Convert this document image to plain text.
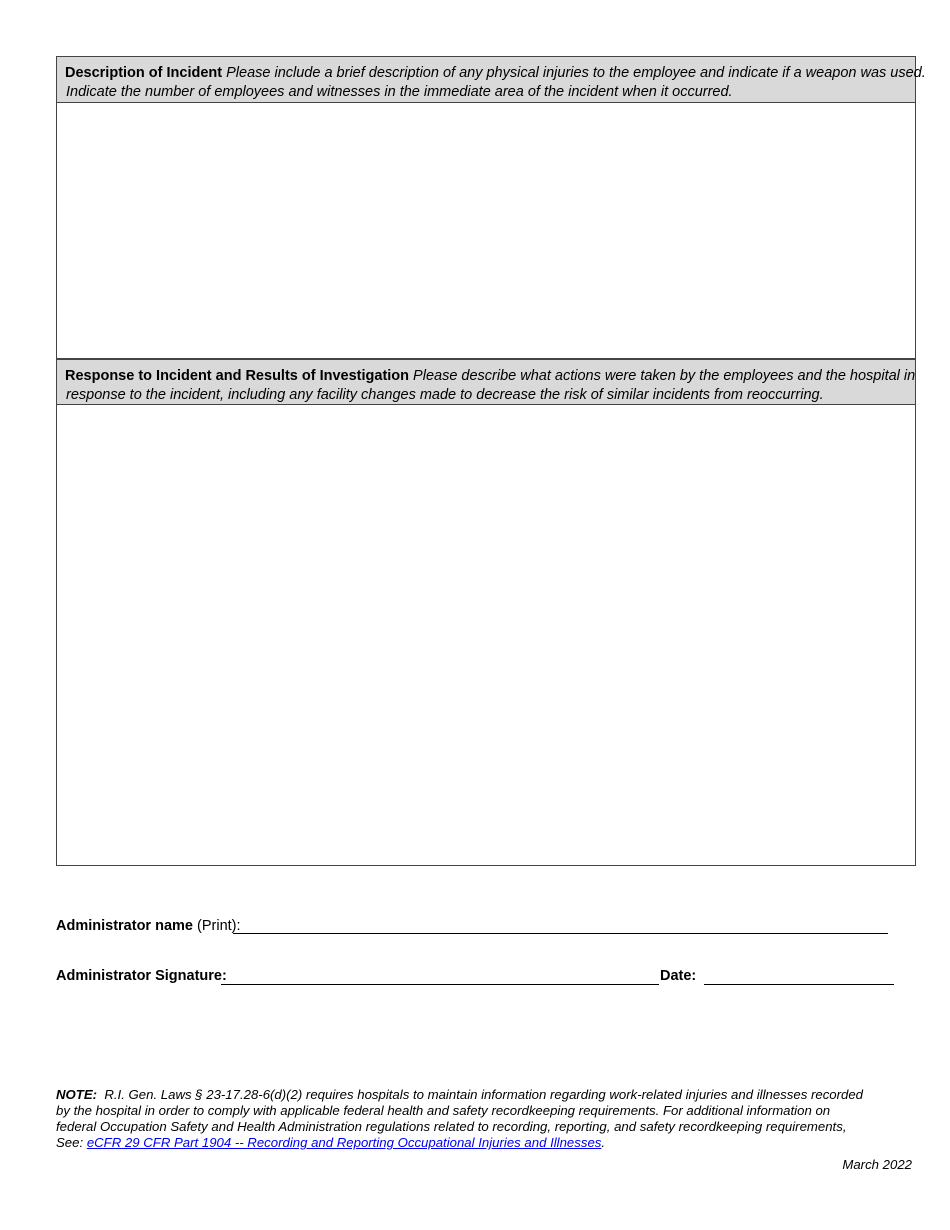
Description of Incident Please include a brief description of any physical injuries to the employee and indicate if a weapon was used.
Indicate the number of employees and witnesses in the immediate area of the incident when it occurred.
Response to Incident and Results of Investigation Please describe what actions were taken by the employees and the hospital in
response to the incident, including any facility changes made to decrease the risk of similar incidents from reoccurring.
Administrator name (Print):
Administrator Signature:	Date:
NOTE: R.I. Gen. Laws § 23-17.28-6(d)(2) requires hospitals to maintain information regarding work-related injuries and illnesses recorded
by the hospital in order to comply with applicable federal health and safety recordkeeping requirements. For additional information on
federal Occupation Safety and Health Administration regulations related to recording, reporting, and safety recordkeeping requirements,
See: eCFR 29 CFR Part 1904 -- Recording and Reporting Occupational Injuries and Illnesses.
March 2022
